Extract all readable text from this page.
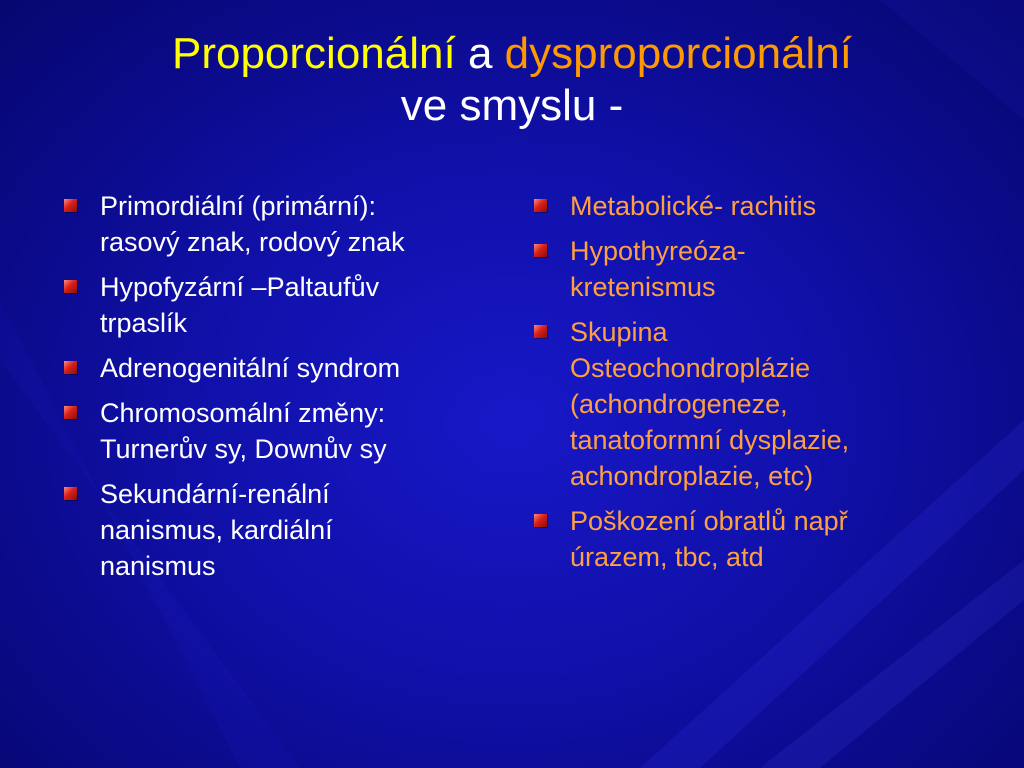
Proporcionální a dysproporcionální
ve smyslu -
Primordiální (primární):
rasový znak, rodový znak
Hypofyzární –Paltaufův
trpaslík
Adrenogenitální syndrom
Chromosomální změny:
Turnerův sy, Downův sy
Sekundární-renální
nanismus, kardiální
nanismus
Metabolické- rachitis
Hypothyreóza-
kretenismus
Skupina
Osteochondroplázie
(achondrogeneze,
tanatoformní dysplazie,
achondroplazie, etc)
Poškození obratlů např
úrazem, tbc, atd
